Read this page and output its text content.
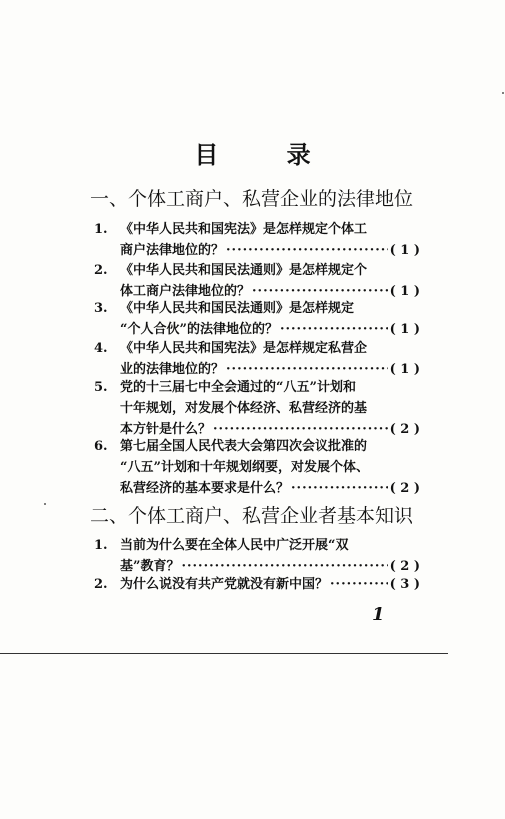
目 录
一、个体工商户、私营企业的法律地位
1. 《中华人民共和国宪法》是怎样规定个体工
商户法律地位的？ ·····	( 1 )
2. 《中华人民共和国民法通则》是怎样规定个
体工商户法律地位的？ ·····	( 1 )
3. 《中华人民共和国民法通则》是怎样规定
“个人合伙”的法律地位的？ ·····	( 1 )
4. 《中华人民共和国宪法》是怎样规定私营企
业的法律地位的？ ·····	( 1 )
5. 党的十三届七中全会通过的“八五”计划和
十年规划，对发展个体经济、私营经济的基
本方针是什么？ ·····	( 2 )
6. 第七届全国人民代表大会第四次会议批准的
“八五”计划和十年规划纲要，对发展个体、
私营经济的基本要求是什么？ ·····	( 2 )
二、个体工商户、私营企业者基本知识
1. 当前为什么要在全体人民中广泛开展“双
基”教育？ ·····	( 2 )
2. 为什么说没有共产党就没有新中国？ ·····	( 3 )
1
